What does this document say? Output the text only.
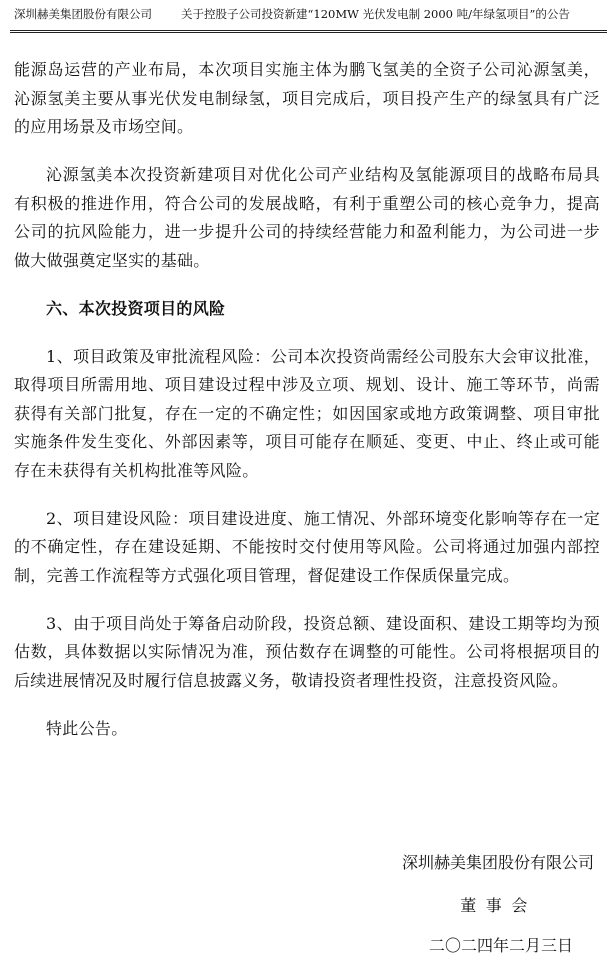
深圳赫美集团股份有限公司	关于控股子公司投资新建“120MW 光伏发电制 2000 吨/年绿氢项目”的公告

能源岛运营的产业布局，本次项目实施主体为鹏飞氢美的全资子公司沁源氢美，沁源氢美主要从事光伏发电制绿氢，项目完成后，项目投产生产的绿氢具有广泛的应用场景及市场空间。

沁源氢美本次投资新建项目对优化公司产业结构及氢能源项目的战略布局具有积极的推进作用，符合公司的发展战略，有利于重塑公司的核心竞争力，提高公司的抗风险能力，进一步提升公司的持续经营能力和盈利能力，为公司进一步做大做强奠定坚实的基础。

六、本次投资项目的风险

1、项目政策及审批流程风险：公司本次投资尚需经公司股东大会审议批准，取得项目所需用地、项目建设过程中涉及立项、规划、设计、施工等环节，尚需获得有关部门批复，存在一定的不确定性；如因国家或地方政策调整、项目审批实施条件发生变化、外部因素等，项目可能存在顺延、变更、中止、终止或可能存在未获得有关机构批准等风险。

2、项目建设风险：项目建设进度、施工情况、外部环境变化影响等存在一定的不确定性，存在建设延期、不能按时交付使用等风险。公司将通过加强内部控制，完善工作流程等方式强化项目管理，督促建设工作保质保量完成。

3、由于项目尚处于筹备启动阶段，投资总额、建设面积、建设工期等均为预估数，具体数据以实际情况为准，预估数存在调整的可能性。公司将根据项目的后续进展情况及时履行信息披露义务，敬请投资者理性投资，注意投资风险。

特此公告。

深圳赫美集团股份有限公司
董事会
二〇二四年二月三日
